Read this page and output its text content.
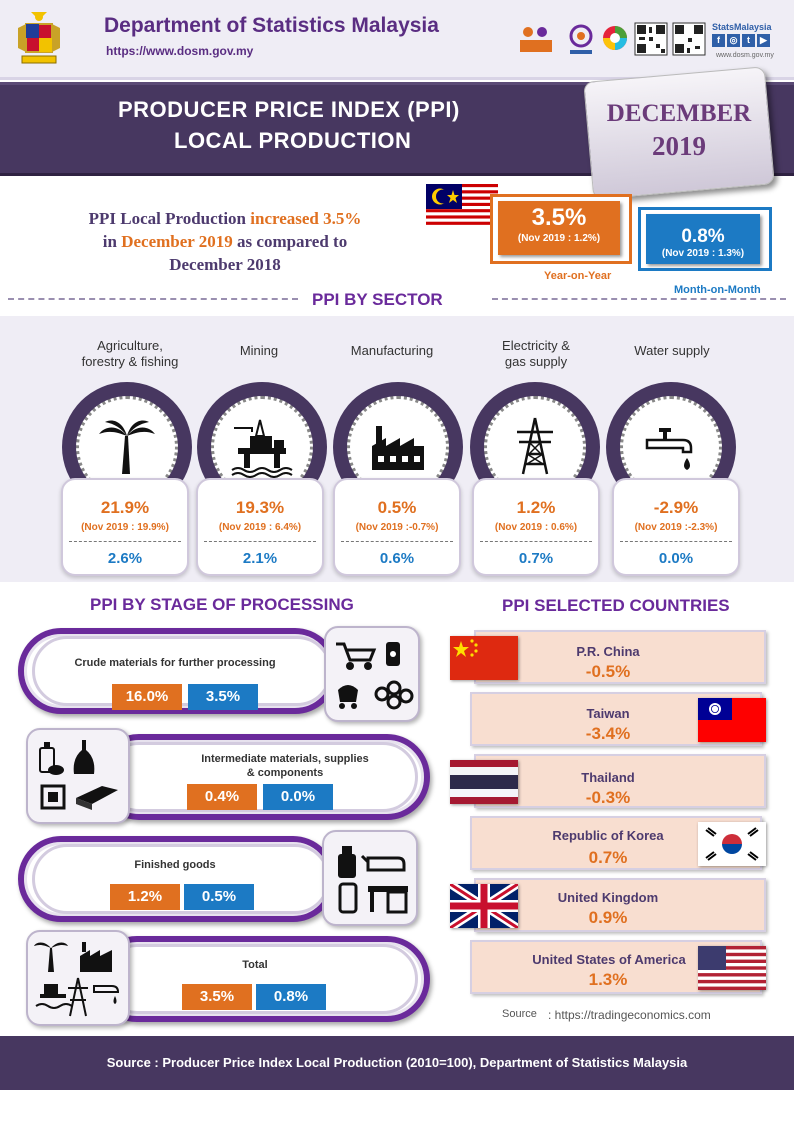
Department of Statistics Malaysia
https://www.dosm.gov.my
StatsMalaysia
f	◎	t	▶
www.dosm.gov.my
PRODUCER PRICE INDEX (PPI)
LOCAL PRODUCTION
DECEMBER
2019
PPI Local Production increased 3.5%
in December 2019 as compared to
December 2018
3.5%
(Nov 2019 : 1.2%)
Year-on-Year
0.8%
(Nov 2019 : 1.3%)
Month-on-Month
PPI BY SECTOR
Agriculture,
forestry & fishing
Mining	Manufacturing	Electricity &
gas supply
Water supply
21.9%	19.3%	0.5%	1.2%	-2.9%
(Nov 2019 : 19.9%)	(Nov 2019 : 6.4%)	(Nov 2019 :-0.7%)	(Nov 2019 : 0.6%)	(Nov 2019 :-2.3%)
2.6%	2.1%	0.6%	0.7%	0.0%
PPI BY STAGE OF PROCESSING
Crude materials for further processing
16.0%	3.5%
Intermediate materials, supplies
& components
0.4%	0.0%
Finished goods
1.2%	0.5%
Total
3.5%	0.8%
PPI SELECTED COUNTRIES
P.R. China
-0.5%
Taiwan
-3.4%
Thailand
-0.3%
Republic of Korea
0.7%
United Kingdom
0.9%
United States of America
1.3%
Source : https://tradingeconomics.com
Source : Producer Price Index Local Production (2010=100), Department of Statistics Malaysia
